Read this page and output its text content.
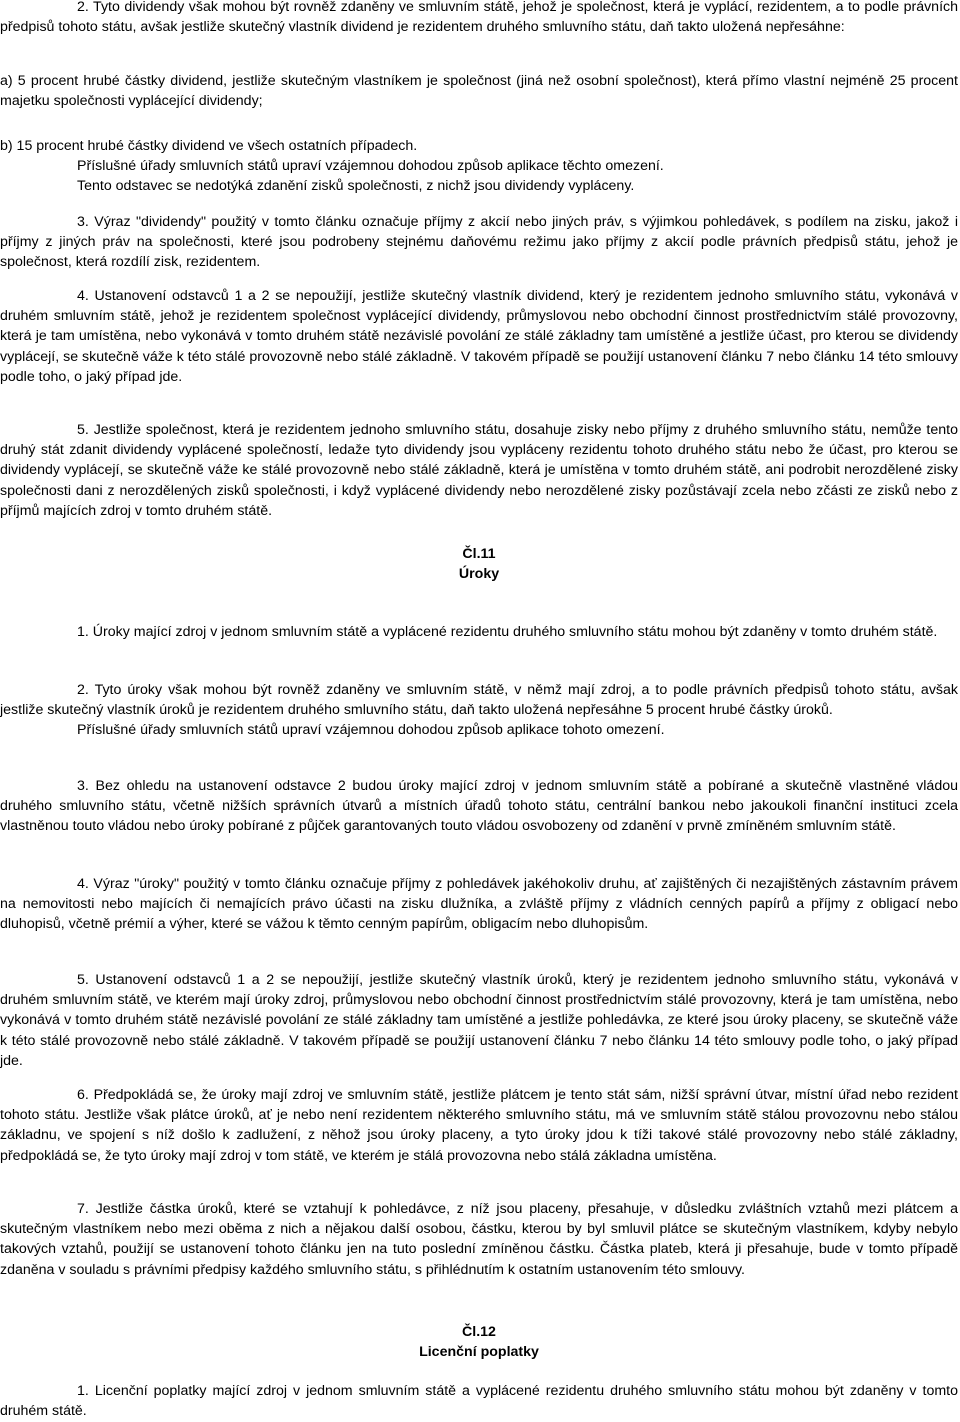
2. Tyto dividendy však mohou být rovněž zdaněny ve smluvním státě, jehož je společnost, která je vyplácí, rezidentem, a to podle právních předpisů tohoto státu, avšak jestliže skutečný vlastník dividend je rezidentem druhého smluvního státu, daň takto uložená nepřesáhne:

a) 5 procent hrubé částky dividend, jestliže skutečným vlastníkem je společnost (jiná než osobní společnost), která přímo vlastní nejméně 25 procent majetku společnosti vyplácející dividendy;

b) 15 procent hrubé částky dividend ve všech ostatních případech.

Příslušné úřady smluvních států upraví vzájemnou dohodou způsob aplikace těchto omezení.

Tento odstavec se nedotýká zdanění zisků společnosti, z nichž jsou dividendy vypláceny.

3. Výraz "dividendy" použitý v tomto článku označuje příjmy z akcií nebo jiných práv, s výjimkou pohledávek, s podílem na zisku, jakož i příjmy z jiných práv na společnosti, které jsou podrobeny stejnému daňovému režimu jako příjmy z akcií podle právních předpisů státu, jehož je společnost, která rozdílí zisk, rezidentem.

4. Ustanovení odstavců 1 a 2 se nepoužijí, jestliže skutečný vlastník dividend, který je rezidentem jednoho smluvního státu, vykonává v druhém smluvním státě, jehož je rezidentem společnost vyplácející dividendy, průmyslovou nebo obchodní činnost prostřednictvím stálé provozovny, která je tam umístěna, nebo vykonává v tomto druhém státě nezávislé povolání ze stálé základny tam umístěné a jestliže účast, pro kterou se dividendy vyplácejí, se skutečně váže k této stálé provozovně nebo stálé základně. V takovém případě se použijí ustanovení článku 7 nebo článku 14 této smlouvy podle toho, o jaký případ jde.

5. Jestliže společnost, která je rezidentem jednoho smluvního státu, dosahuje zisky nebo příjmy z druhého smluvního státu, nemůže tento druhý stát zdanit dividendy vyplácené společností, ledaže tyto dividendy jsou vypláceny rezidentu tohoto druhého státu nebo že účast, pro kterou se dividendy vyplácejí, se skutečně váže ke stálé provozovně nebo stálé základně, která je umístěna v tomto druhém státě, ani podrobit nerozdělené zisky společnosti dani z nerozdělených zisků společnosti, i když vyplácené dividendy nebo nerozdělené zisky pozůstávají zcela nebo zčásti ze zisků nebo z příjmů majících zdroj v tomto druhém státě.

Čl.11

Úroky

1. Úroky mající zdroj v jednom smluvním státě a vyplácené rezidentu druhého smluvního státu mohou být zdaněny v tomto druhém státě.

2. Tyto úroky však mohou být rovněž zdaněny ve smluvním státě, v němž mají zdroj, a to podle právních předpisů tohoto státu, avšak jestliže skutečný vlastník úroků je rezidentem druhého smluvního státu, daň takto uložená nepřesáhne 5 procent hrubé částky úroků.

Příslušné úřady smluvních států upraví vzájemnou dohodou způsob aplikace tohoto omezení.

3. Bez ohledu na ustanovení odstavce 2 budou úroky mající zdroj v jednom smluvním státě a pobírané a skutečně vlastněné vládou druhého smluvního státu, včetně nižších správních útvarů a místních úřadů tohoto státu, centrální bankou nebo jakoukoli finanční instituci zcela vlastněnou touto vládou nebo úroky pobírané z půjček garantovaných touto vládou osvobozeny od zdanění v prvně zmíněném smluvním státě.

4. Výraz "úroky" použitý v tomto článku označuje příjmy z pohledávek jakéhokoliv druhu, ať zajištěných či nezajištěných zástavním právem na nemovitosti nebo majících či nemajících právo účasti na zisku dlužníka, a zvláště příjmy z vládních cenných papírů a příjmy z obligací nebo dluhopisů, včetně prémií a výher, které se vážou k těmto cenným papírům, obligacím nebo dluhopisům.

5. Ustanovení odstavců 1 a 2 se nepoužijí, jestliže skutečný vlastník úroků, který je rezidentem jednoho smluvního státu, vykonává v druhém smluvním státě, ve kterém mají úroky zdroj, průmyslovou nebo obchodní činnost prostřednictvím stálé provozovny, která je tam umístěna, nebo vykonává v tomto druhém státě nezávislé povolání ze stálé základny tam umístěné a jestliže pohledávka, ze které jsou úroky placeny, se skutečně váže k této stálé provozovně nebo stálé základně. V takovém případě se použijí ustanovení článku 7 nebo článku 14 této smlouvy podle toho, o jaký případ jde.

6. Předpokládá se, že úroky mají zdroj ve smluvním státě, jestliže plátcem je tento stát sám, nižší správní útvar, místní úřad nebo rezident tohoto státu. Jestliže však plátce úroků, ať je nebo není rezidentem některého smluvního státu, má ve smluvním státě stálou provozovnu nebo stálou základnu, ve spojení s níž došlo k zadlužení, z něhož jsou úroky placeny, a tyto úroky jdou k tíži takové stálé provozovny nebo stálé základny, předpokládá se, že tyto úroky mají zdroj v tom státě, ve kterém je stálá provozovna nebo stálá základna umístěna.

7. Jestliže částka úroků, které se vztahují k pohledávce, z níž jsou placeny, přesahuje, v důsledku zvláštních vztahů mezi plátcem a skutečným vlastníkem nebo mezi oběma z nich a nějakou další osobou, částku, kterou by byl smluvil plátce se skutečným vlastníkem, kdyby nebylo takových vztahů, použijí se ustanovení tohoto článku jen na tuto poslední zmíněnou částku. Částka plateb, která ji přesahuje, bude v tomto případě zdaněna v souladu s právními předpisy každého smluvního státu, s přihlédnutím k ostatním ustanovením této smlouvy.

Čl.12

Licenční poplatky

1. Licenční poplatky mající zdroj v jednom smluvním státě a vyplácené rezidentu druhého smluvního státu mohou být zdaněny v tomto druhém státě.
